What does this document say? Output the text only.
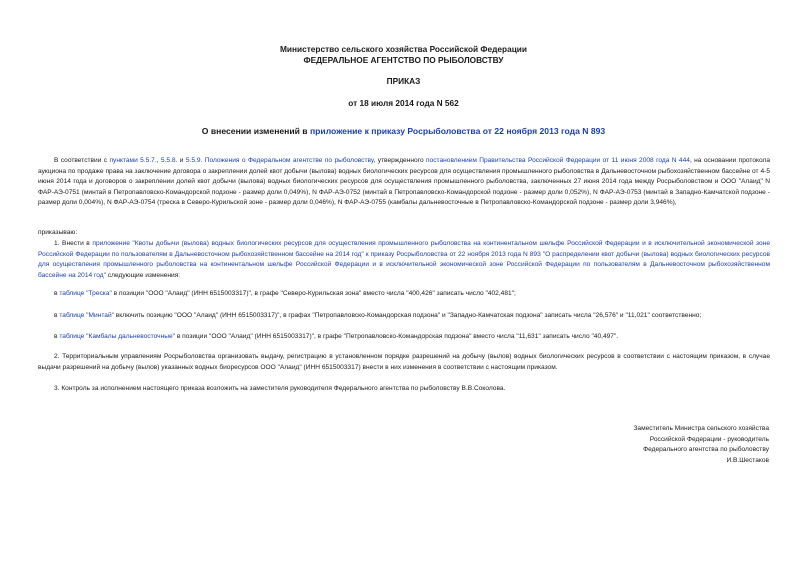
Министерство сельского хозяйства Российской Федерации
ФЕДЕРАЛЬНОЕ АГЕНТСТВО ПО РЫБОЛОВСТВУ
ПРИКАЗ
от 18 июля 2014 года N 562
О внесении изменений в приложение к приказу Росрыболовства от 22 ноября 2013 года N 893

В соответствии с пунктами 5.5.7., 5.5.8. и 5.5.9. Положения о Федеральном агентстве по рыболовству, утвержденного постановлением Правительства Российской Федерации от 11 июня 2008 года N 444, на основании протокола аукциона по продаже права на заключение договора о закреплении долей квот добычи (вылова) водных биологических ресурсов для осуществления промышленного рыболовства в Дальневосточном рыбохозяйственном бассейне от 4-5 июня 2014 года и договоров о закреплении долей квот добычи (вылова) водных биологических ресурсов для осуществления промышленного рыболовства, заключенных 27 июня 2014 года между Росрыболовством и ООО "Алаид" N ФАР-АЭ-0751 (минтай в Петропавловско-Командорской подзоне - размер доли 0,049%), N ФАР-АЭ-0752 (минтай в Петропавловско-Командорской подзоне - размер доли 0,052%), N ФАР-АЭ-0753 (минтай в Западно-Камчатской подзоне - размер доли 0,004%), N ФАР-АЭ-0754 (треска в Северо-Курильской зоне - размер доли 0,046%), N ФАР-АЭ-0755 (камбалы дальневосточные в Петропавловско-Командорской подзоне - размер доли 3,946%),

приказываю:

1. Внести в приложение "Квоты добычи (вылова) водных биологических ресурсов для осуществления промышленного рыболовства на континентальном шельфе Российской Федерации и в исключительной экономической зоне Российской Федерации по пользователям в Дальневосточном рыбохозяйственном бассейне на 2014 год" к приказу Росрыболовства от 22 ноября 2013 года N 893 "О распределении квот добычи (вылова) водных биологических ресурсов для осуществления промышленного рыболовства на континентальном шельфе Российской Федерации и в исключительной экономической зоне Российской Федерации по пользователям в Дальневосточном рыбохозяйственном бассейне на 2014 год" следующие изменения:

в таблице "Треска" в позиции "ООО "Алаид" (ИНН 6515003317)", в графе "Северо-Курильская зона" вместо числа "400,426" записать число "402,481";

в таблице "Минтай" включить позицию "ООО "Алаид" (ИНН 6515003317)", в графах "Петропавловско-Командорская подзона" и "Западно-Камчатская подзона" записать числа "26,576" и "11,021" соответственно;

в таблице "Камбалы дальневосточные" в позиции "ООО "Алаид" (ИНН 6515003317)", в графе "Петропавловско-Командорская подзона" вместо числа "11,631" записать число "40,497".

2. Территориальным управлениям Росрыболовства организовать выдачу, регистрацию в установленном порядке разрешений на добычу (вылов) водных биологических ресурсов в соответствии с настоящим приказом, в случае выдачи разрешений на добычу (вылов) указанных водных биоресурсов ООО "Алаид" (ИНН 6515003317) внести в них изменения в соответствии с настоящим приказом.

3. Контроль за исполнением настоящего приказа возложить на заместителя руководителя Федерального агентства по рыболовству В.В.Соколова.

Заместитель Министра сельского хозяйства
Российской Федерации - руководитель
Федерального агентства по рыболовству
И.В.Шестаков
